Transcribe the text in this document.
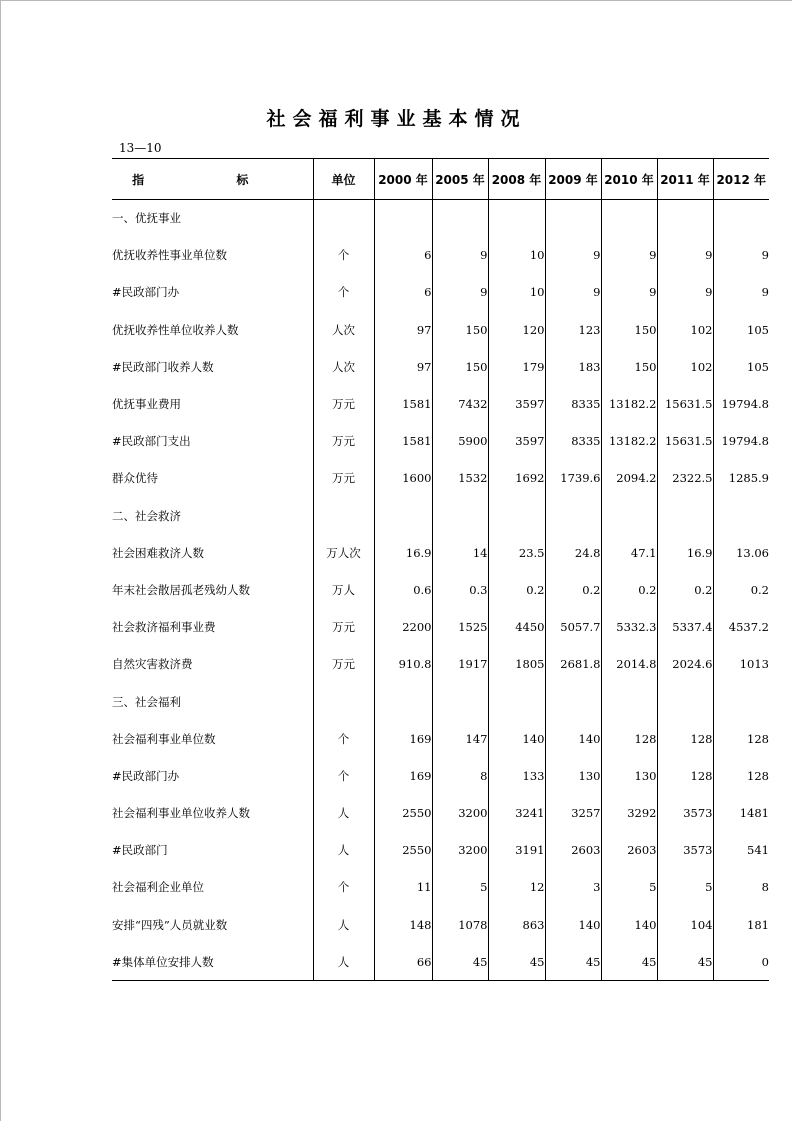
社会福利事业基本情况
13—10
指 标	单位	2000 年	2005 年	2008 年	2009 年	2010 年	2011 年	2012 年
一、优抚事业								
优抚收养性事业单位数	个	6	9	10	9	9	9	9
#民政部门办	个	6	9	10	9	9	9	9
优抚收养性单位收养人数	人次	97	150	120	123	150	102	105
#民政部门收养人数	人次	97	150	179	183	150	102	105
优抚事业费用	万元	1581	7432	3597	8335	13182.2	15631.5	19794.8
#民政部门支出	万元	1581	5900	3597	8335	13182.2	15631.5	19794.8
群众优待	万元	1600	1532	1692	1739.6	2094.2	2322.5	1285.9
二、社会救济								
社会困难救济人数	万人次	16.9	14	23.5	24.8	47.1	16.9	13.06
年末社会散居孤老残幼人数	万人	0.6	0.3	0.2	0.2	0.2	0.2	0.2
社会救济福利事业费	万元	2200	1525	4450	5057.7	5332.3	5337.4	4537.2
自然灾害救济费	万元	910.8	1917	1805	2681.8	2014.8	2024.6	1013
三、社会福利								
社会福利事业单位数	个	169	147	140	140	128	128	128
#民政部门办	个	169	8	133	130	130	128	128
社会福利事业单位收养人数	人	2550	3200	3241	3257	3292	3573	1481
#民政部门	人	2550	3200	3191	2603	2603	3573	541
社会福利企业单位	个	11	5	12	3	5	5	8
安排“四残”人员就业数	人	148	1078	863	140	140	104	181
#集体单位安排人数	人	66	45	45	45	45	45	0
